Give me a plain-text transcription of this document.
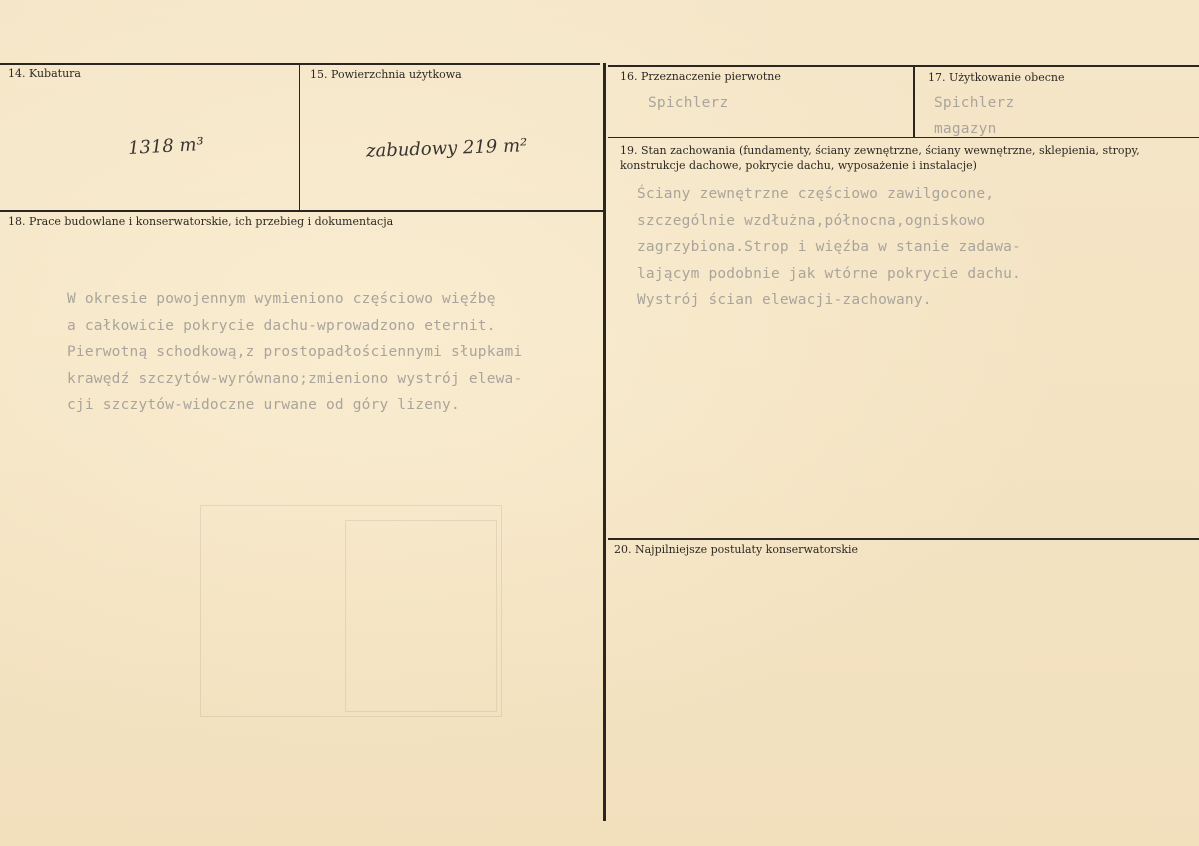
14. Kubatura
1318 m³
15. Powierzchnia użytkowa
zabudowy 219 m²
16. Przeznaczenie pierwotne
Spichlerz
17. Użytkowanie obecne
Spichlerz
magazyn
18. Prace budowlane i konserwatorskie, ich przebieg i dokumentacja
W okresie powojennym wymieniono częściowo więźbę
a całkowicie pokrycie dachu-wprowadzono eternit.
Pierwotną schodkową,z prostopadłościennymi słupkami
krawędź szczytów-wyrównano;zmieniono wystrój elewa-
cji szczytów-widoczne urwane od góry lizeny.
19. Stan zachowania (fundamenty, ściany zewnętrzne, ściany wewnętrzne, sklepienia, stropy, konstrukcje dachowe, pokrycie dachu, wyposażenie i instalacje)
Ściany zewnętrzne częściowo zawilgocone,
szczególnie wzdłużna,północna,ogniskowo
zagrzybiona.Strop i więźba w stanie zadawa-
lającym podobnie jak wtórne pokrycie dachu.
Wystrój ścian elewacji-zachowany.
20. Najpilniejsze postulaty konserwatorskie
